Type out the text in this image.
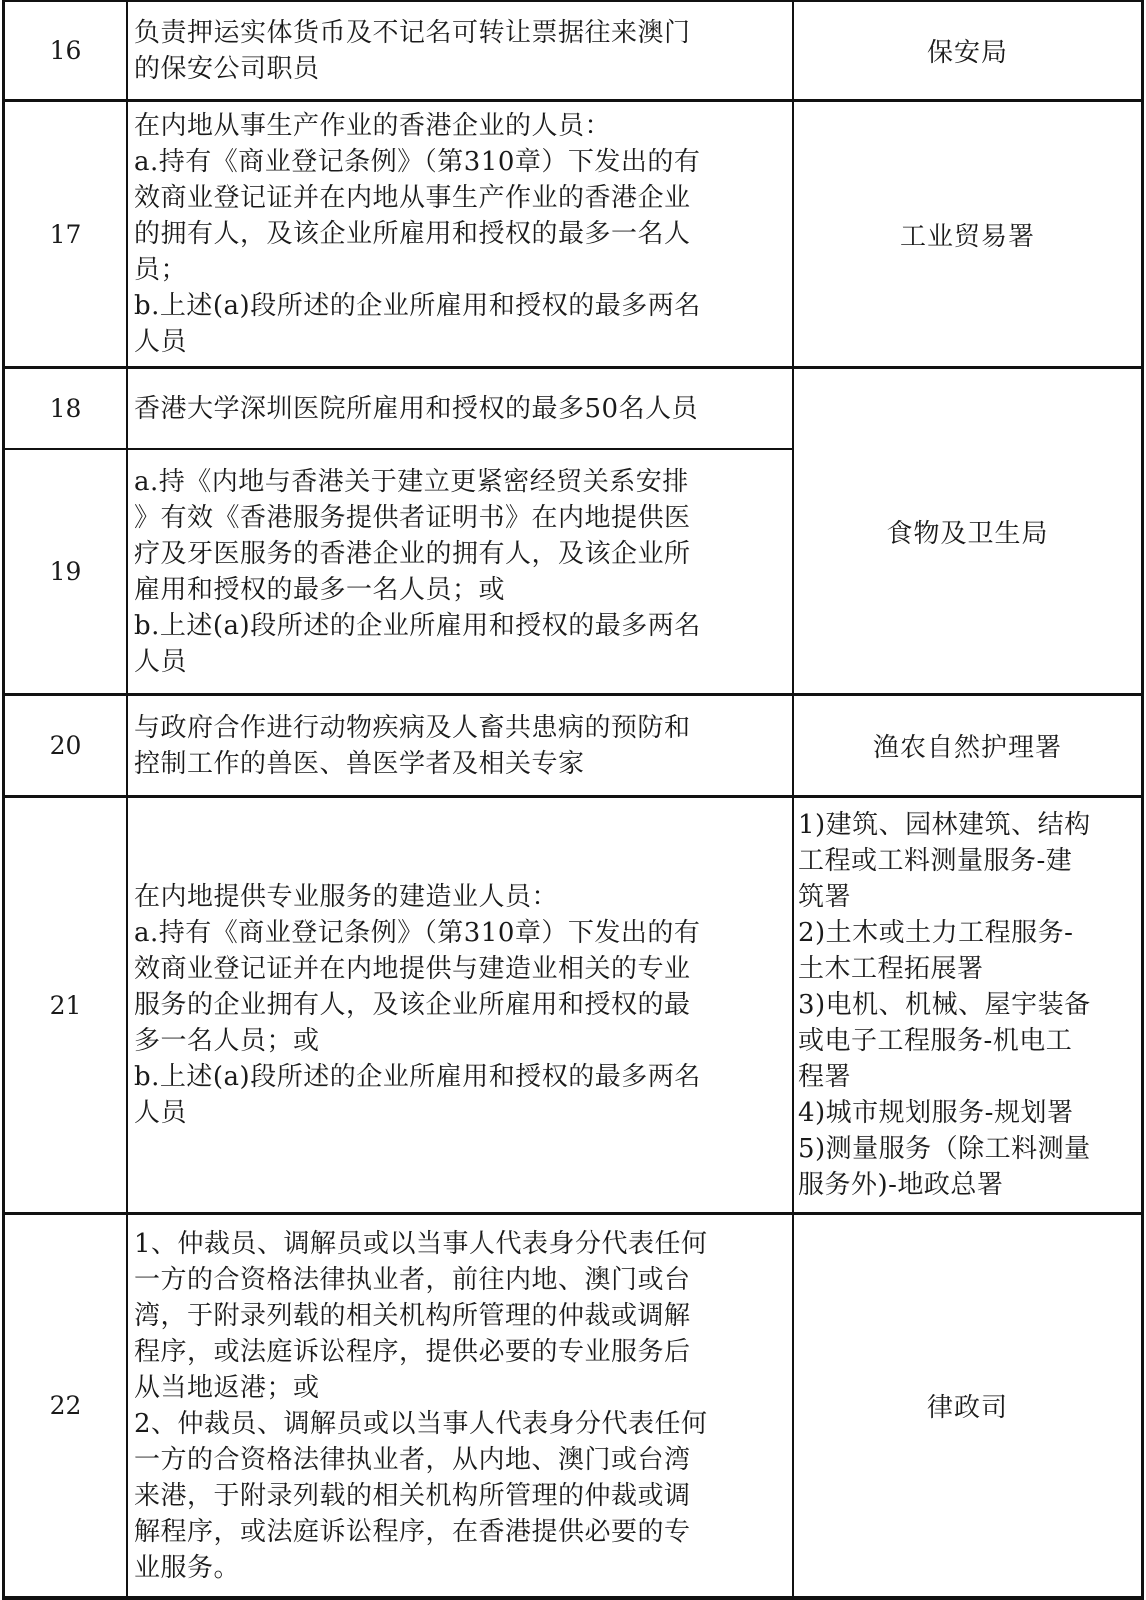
16
负责押运实体货币及不记名可转让票据往来澳门
的保安公司职员
保安局
17
在内地从事生产作业的香港企业的人员：
a.持有《商业登记条例》（第310章）下发出的有
效商业登记证并在内地从事生产作业的香港企业
的拥有人，及该企业所雇用和授权的最多一名人
员；
b.上述(a)段所述的企业所雇用和授权的最多两名
人员
工业贸易署
18 香港大学深圳医院所雇用和授权的最多50名人员
食物及卫生局
19
a.持《内地与香港关于建立更紧密经贸关系安排
》有效《香港服务提供者证明书》在内地提供医
疗及牙医服务的香港企业的拥有人，及该企业所
雇用和授权的最多一名人员；或
b.上述(a)段所述的企业所雇用和授权的最多两名
人员
20
与政府合作进行动物疾病及人畜共患病的预防和
控制工作的兽医、兽医学者及相关专家
渔农自然护理署
21
在内地提供专业服务的建造业人员：
a.持有《商业登记条例》（第310章）下发出的有
效商业登记证并在内地提供与建造业相关的专业
服务的企业拥有人，及该企业所雇用和授权的最
多一名人员；或
b.上述(a)段所述的企业所雇用和授权的最多两名
人员
1)建筑、园林建筑、结构
工程或工料测量服务-建
筑署
2)土木或土力工程服务-
土木工程拓展署
3)电机、机械、屋宇装备
或电子工程服务-机电工
程署
4)城市规划服务-规划署
5)测量服务（除工料测量
服务外)-地政总署
22
1、仲裁员、调解员或以当事人代表身分代表任何
一方的合资格法律执业者，前往内地、澳门或台
湾，于附录列载的相关机构所管理的仲裁或调解
程序，或法庭诉讼程序，提供必要的专业服务后
从当地返港；或
2、仲裁员、调解员或以当事人代表身分代表任何
一方的合资格法律执业者，从内地、澳门或台湾
来港，于附录列载的相关机构所管理的仲裁或调
解程序，或法庭诉讼程序，在香港提供必要的专
业服务。
律政司
